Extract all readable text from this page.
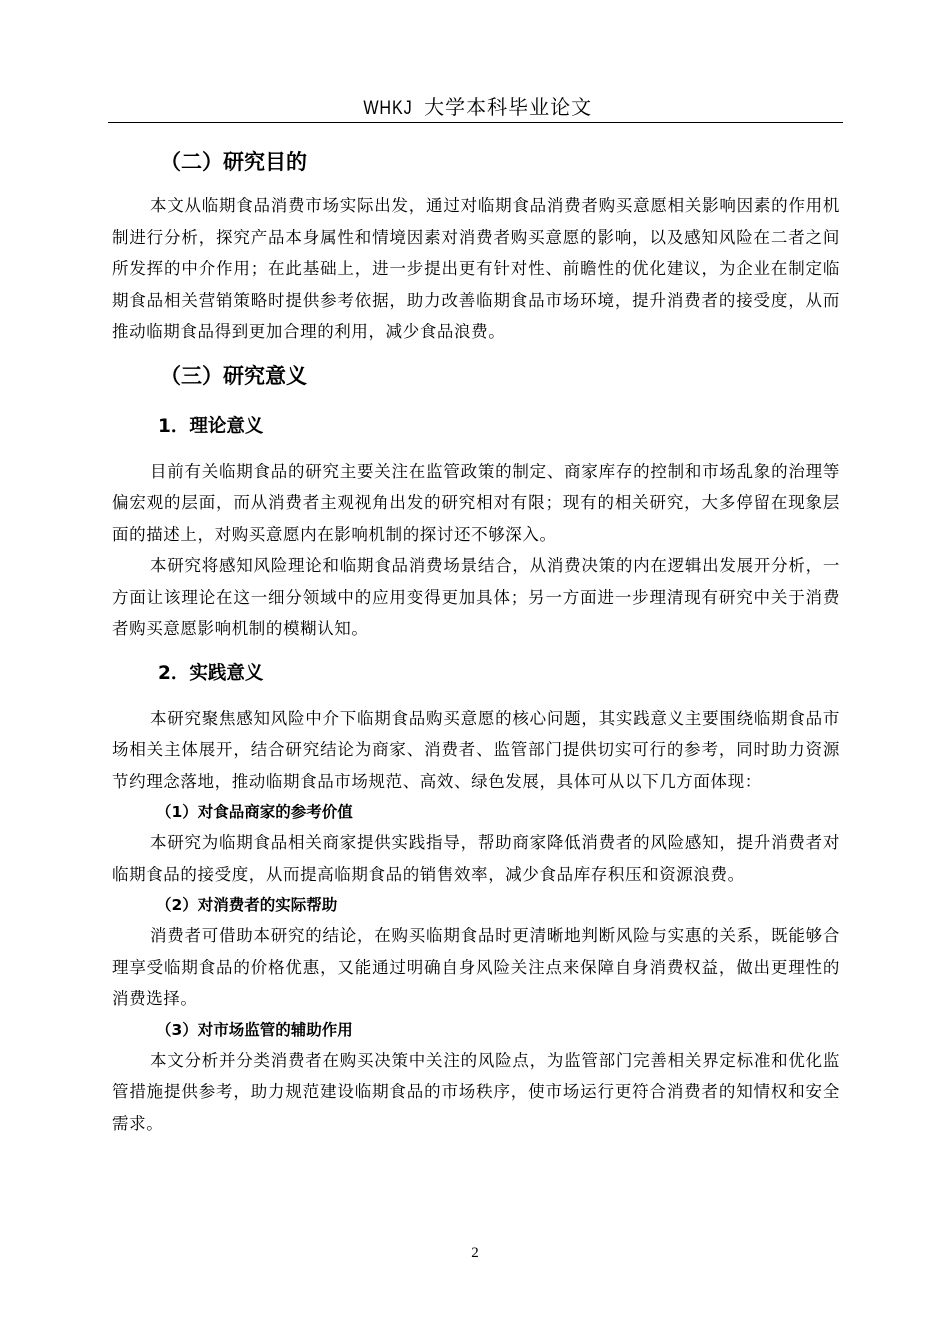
WHKJ 大学本科毕业论文
（二）研究目的

本文从临期食品消费市场实际出发，通过对临期食品消费者购买意愿相关影响因素的作用机制进行分析，探究产品本身属性和情境因素对消费者购买意愿的影响，以及感知风险在二者之间所发挥的中介作用；在此基础上，进一步提出更有针对性、前瞻性的优化建议，为企业在制定临期食品相关营销策略时提供参考依据，助力改善临期食品市场环境，提升消费者的接受度，从而推动临期食品得到更加合理的利用，减少食品浪费。

（三）研究意义
1．理论意义

目前有关临期食品的研究主要关注在监管政策的制定、商家库存的控制和市场乱象的治理等偏宏观的层面，而从消费者主观视角出发的研究相对有限；现有的相关研究，大多停留在现象层面的描述上，对购买意愿内在影响机制的探讨还不够深入。

本研究将感知风险理论和临期食品消费场景结合，从消费决策的内在逻辑出发展开分析，一方面让该理论在这一细分领域中的应用变得更加具体；另一方面进一步理清现有研究中关于消费者购买意愿影响机制的模糊认知。

2．实践意义

本研究聚焦感知风险中介下临期食品购买意愿的核心问题，其实践意义主要围绕临期食品市场相关主体展开，结合研究结论为商家、消费者、监管部门提供切实可行的参考，同时助力资源节约理念落地，推动临期食品市场规范、高效、绿色发展，具体可从以下几方面体现：

（1）对食品商家的参考价值

本研究为临期食品相关商家提供实践指导，帮助商家降低消费者的风险感知，提升消费者对临期食品的接受度，从而提高临期食品的销售效率，减少食品库存积压和资源浪费。

（2）对消费者的实际帮助

消费者可借助本研究的结论，在购买临期食品时更清晰地判断风险与实惠的关系，既能够合理享受临期食品的价格优惠，又能通过明确自身风险关注点来保障自身消费权益，做出更理性的消费选择。

（3）对市场监管的辅助作用

本文分析并分类消费者在购买决策中关注的风险点，为监管部门完善相关界定标准和优化监管措施提供参考，助力规范建设临期食品的市场秩序，使市场运行更符合消费者的知情权和安全需求。

2
